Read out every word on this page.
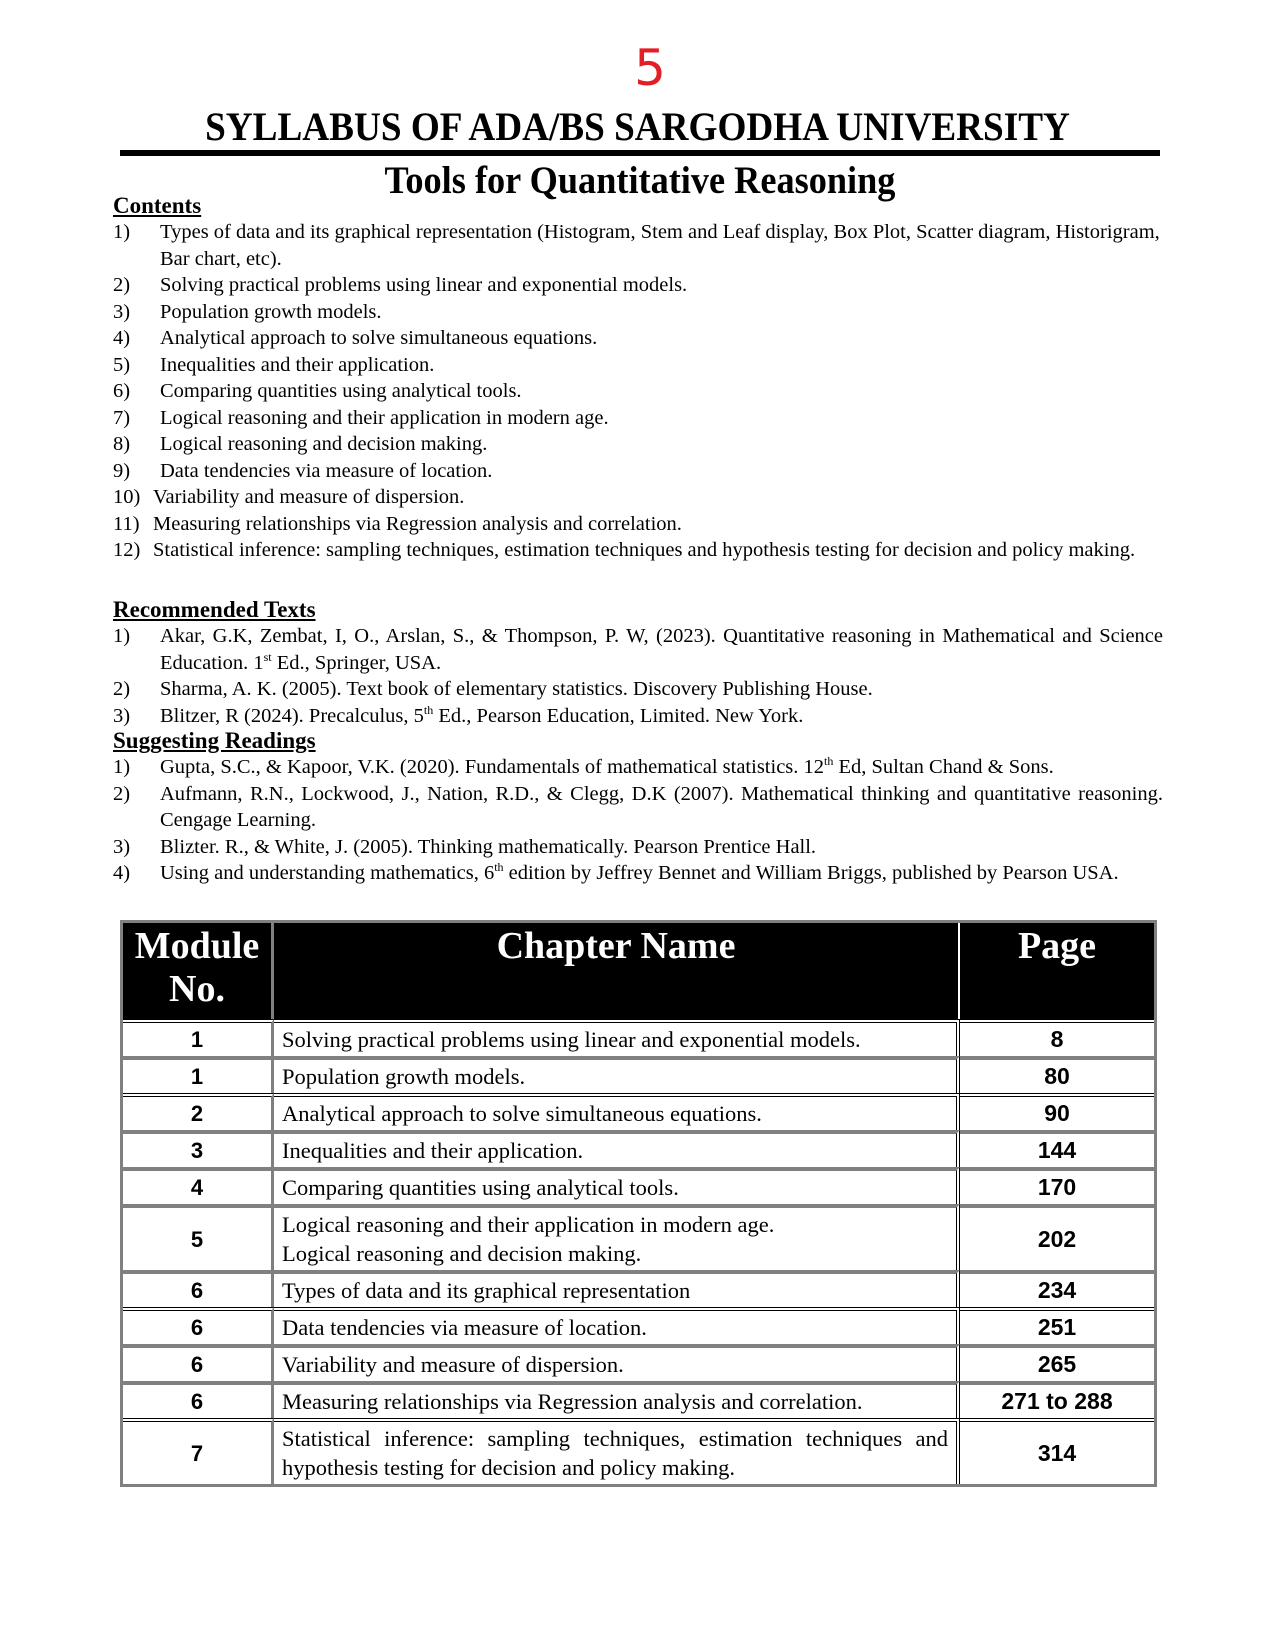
5
SYLLABUS OF ADA/BS SARGODHA UNIVERSITY
Tools for Quantitative Reasoning
Contents
1)	Types of data and its graphical representation (Histogram, Stem and Leaf display, Box Plot, Scatter diagram, Historigram, Bar chart, etc).
2)	Solving practical problems using linear and exponential models.
3)	Population growth models.
4)	Analytical approach to solve simultaneous equations.
5)	Inequalities and their application.
6)	Comparing quantities using analytical tools.
7)	Logical reasoning and their application in modern age.
8)	Logical reasoning and decision making.
9)	Data tendencies via measure of location.
10) Variability and measure of dispersion.
11) Measuring relationships via Regression analysis and correlation.
12) Statistical inference: sampling techniques, estimation techniques and hypothesis testing for decision and policy making.
Recommended Texts
1)	Akar, G.K, Zembat, I, O., Arslan, S., & Thompson, P. W, (2023). Quantitative reasoning in Mathematical and Science Education. 1st Ed., Springer, USA.
2)	Sharma, A. K. (2005). Text book of elementary statistics. Discovery Publishing House.
3)	Blitzer, R (2024). Precalculus, 5th Ed., Pearson Education, Limited. New York.
Suggesting Readings
1)	Gupta, S.C., & Kapoor, V.K. (2020). Fundamentals of mathematical statistics. 12th Ed, Sultan Chand & Sons.
2)	Aufmann, R.N., Lockwood, J., Nation, R.D., & Clegg, D.K (2007). Mathematical thinking and quantitative reasoning. Cengage Learning.
3)	Blizter. R., & White, J. (2005). Thinking mathematically. Pearson Prentice Hall.
4)	Using and understanding mathematics, 6th edition by Jeffrey Bennet and William Briggs, published by Pearson USA.
Module
No.	Chapter Name	Page
1	Solving practical problems using linear and exponential models.	8
1	Population growth models.	80
2	Analytical approach to solve simultaneous equations.	90
3	Inequalities and their application.	144
4	Comparing quantities using analytical tools.	170
5	Logical reasoning and their application in modern age.
Logical reasoning and decision making.	202
6	Types of data and its graphical representation	234
6	Data tendencies via measure of location.	251
6	Variability and measure of dispersion.	265
6	Measuring relationships via Regression analysis and correlation.	271 to 288
7	Statistical inference: sampling techniques, estimation techniques and hypothesis testing for decision and policy making.	314
